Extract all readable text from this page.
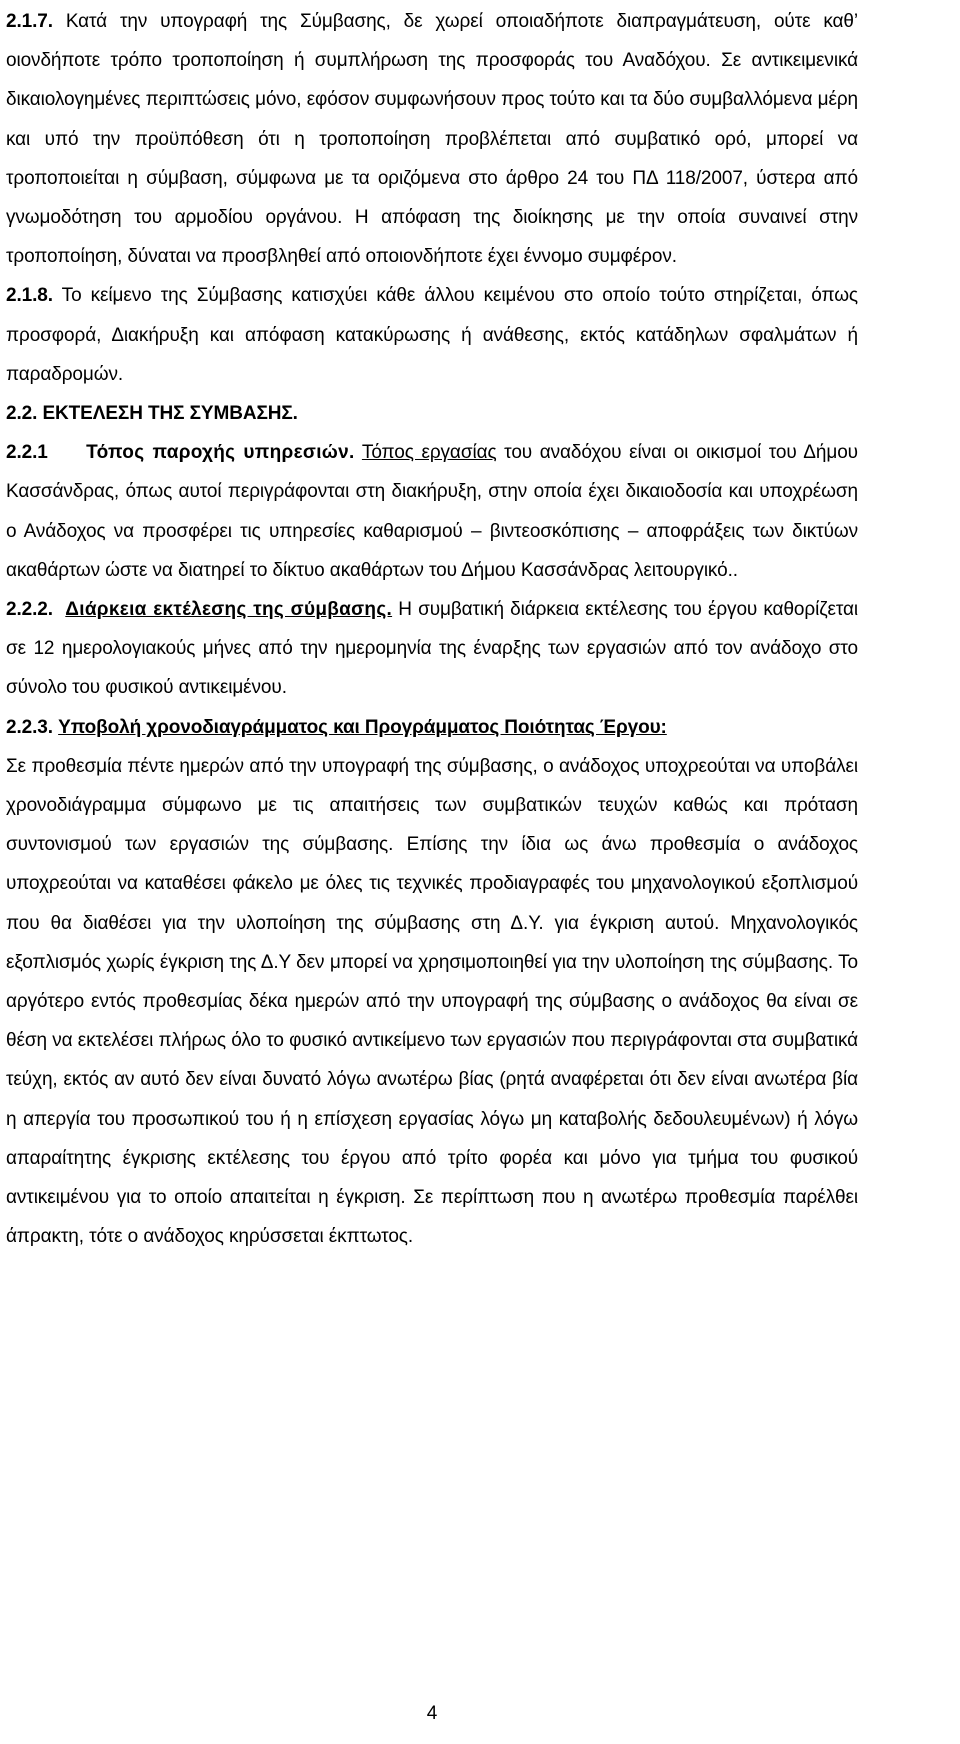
2.1.7. Κατά την υπογραφή της Σύμβασης, δε χωρεί οποιαδήποτε διαπραγμάτευση, ούτε καθ’ οιονδήποτε τρόπο τροποποίηση ή συμπλήρωση της προσφοράς του Αναδόχου. Σε αντικειμενικά δικαιολογημένες περιπτώσεις μόνο, εφόσον συμφωνήσουν προς τούτο και τα δύο συμβαλλόμενα μέρη και υπό την προϋπόθεση ότι η τροποποίηση προβλέπεται από συμβατικό ορό, μπορεί να τροποποιείται η σύμβαση, σύμφωνα με τα οριζόμενα στο άρθρο 24 του ΠΔ 118/2007, ύστερα από γνωμοδότηση του αρμοδίου οργάνου. Η απόφαση της διοίκησης με την οποία συναινεί στην τροποποίηση, δύναται να προσβληθεί από οποιονδήποτε έχει έννομο συμφέρον.

2.1.8. Το κείμενο της Σύμβασης κατισχύει κάθε άλλου κειμένου στο οποίο τούτο στηρίζεται, όπως προσφορά, Διακήρυξη και απόφαση κατακύρωσης ή ανάθεσης, εκτός κατάδηλων σφαλμάτων ή παραδρομών.

2.2. ΕΚΤΕΛΕΣΗ ΤΗΣ ΣΥΜΒΑΣΗΣ.

2.2.1 Τόπος παροχής υπηρεσιών. Τόπος εργασίας του αναδόχου είναι οι οικισμοί του Δήμου Κασσάνδρας, όπως αυτοί περιγράφονται στη διακήρυξη, στην οποία έχει δικαιοδοσία και υποχρέωση ο Ανάδοχος να προσφέρει τις υπηρεσίες καθαρισμού – βιντεοσκόπισης – αποφράξεις των δικτύων ακαθάρτων ώστε να διατηρεί το δίκτυο ακαθάρτων του Δήμου Κασσάνδρας λειτουργικό..

2.2.2. Διάρκεια εκτέλεσης της σύμβασης. Η συμβατική διάρκεια εκτέλεσης του έργου καθορίζεται σε 12 ημερολογιακούς μήνες από την ημερομηνία της έναρξης των εργασιών από τον ανάδοχο στο σύνολο του φυσικού αντικειμένου.

2.2.3. Υποβολή χρονοδιαγράμματος και Προγράμματος Ποιότητας Έργου:

Σε προθεσμία πέντε ημερών από την υπογραφή της σύμβασης, ο ανάδοχος υποχρεούται να υποβάλει χρονοδιάγραμμα σύμφωνο με τις απαιτήσεις των συμβατικών τευχών καθώς και πρόταση συντονισμού των εργασιών της σύμβασης. Επίσης την ίδια ως άνω προθεσμία ο ανάδοχος υποχρεούται να καταθέσει φάκελο με όλες τις τεχνικές προδιαγραφές του μηχανολογικού εξοπλισμού που θα διαθέσει για την υλοποίηση της σύμβασης στη Δ.Υ. για έγκριση αυτού. Μηχανολογικός εξοπλισμός χωρίς έγκριση της Δ.Υ δεν μπορεί να χρησιμοποιηθεί για την υλοποίηση της σύμβασης. Το αργότερο εντός προθεσμίας δέκα ημερών από την υπογραφή της σύμβασης ο ανάδοχος θα είναι σε θέση να εκτελέσει πλήρως όλο το φυσικό αντικείμενο των εργασιών που περιγράφονται στα συμβατικά τεύχη, εκτός αν αυτό δεν είναι δυνατό λόγω ανωτέρω βίας (ρητά αναφέρεται ότι δεν είναι ανωτέρα βία η απεργία του προσωπικού του ή η επίσχεση εργασίας λόγω μη καταβολής δεδουλευμένων) ή λόγω απαραίτητης έγκρισης εκτέλεσης του έργου από τρίτο φορέα και μόνο για τμήμα του φυσικού αντικειμένου για το οποίο απαιτείται η έγκριση. Σε περίπτωση που η ανωτέρω προθεσμία παρέλθει άπρακτη, τότε ο ανάδοχος κηρύσσεται έκπτωτος.

4
